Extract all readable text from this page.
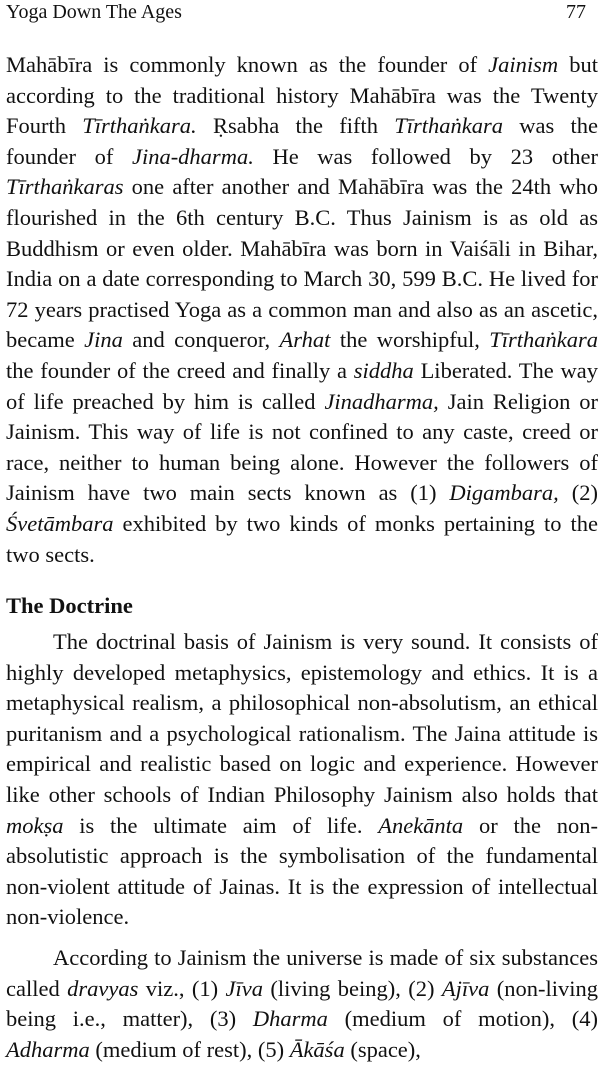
Yoga Down The Ages	77

Mahābīra is commonly known as the founder of Jainism but according to the traditional history Mahābīra was the Twenty Fourth Tīrthaṅkara. Ṛsabha the fifth Tīrthaṅkara was the founder of Jina-dharma. He was followed by 23 other Tīrthaṅkaras one after another and Mahābīra was the 24th who flourished in the 6th century B.C. Thus Jainism is as old as Buddhism or even older. Mahābīra was born in Vaiśāli in Bihar, India on a date corresponding to March 30, 599 B.C. He lived for 72 years practised Yoga as a common man and also as an ascetic, became Jina and conqueror, Arhat the worshipful, Tīrthaṅkara the founder of the creed and finally a siddha Liberated. The way of life preached by him is called Jinadharma, Jain Religion or Jainism. This way of life is not confined to any caste, creed or race, neither to human being alone. However the followers of Jainism have two main sects known as (1) Digambara, (2) Śvetāmbara exhibited by two kinds of monks pertaining to the two sects.

The Doctrine

The doctrinal basis of Jainism is very sound. It consists of highly developed metaphysics, epistemology and ethics. It is a metaphysical realism, a philosophical non-absolutism, an ethical puritanism and a psychological rationalism. The Jaina attitude is empirical and realistic based on logic and experience. However like other schools of Indian Philosophy Jainism also holds that mokṣa is the ultimate aim of life. Anekānta or the non-absolutistic approach is the symbolisation of the fundamental non-violent attitude of Jainas. It is the expression of intellectual non-violence.

According to Jainism the universe is made of six substances called dravyas viz., (1) Jīva (living being), (2) Ajīva (non-living being i.e., matter), (3) Dharma (medium of motion), (4) Adharma (medium of rest), (5) Ākāśa (space),
